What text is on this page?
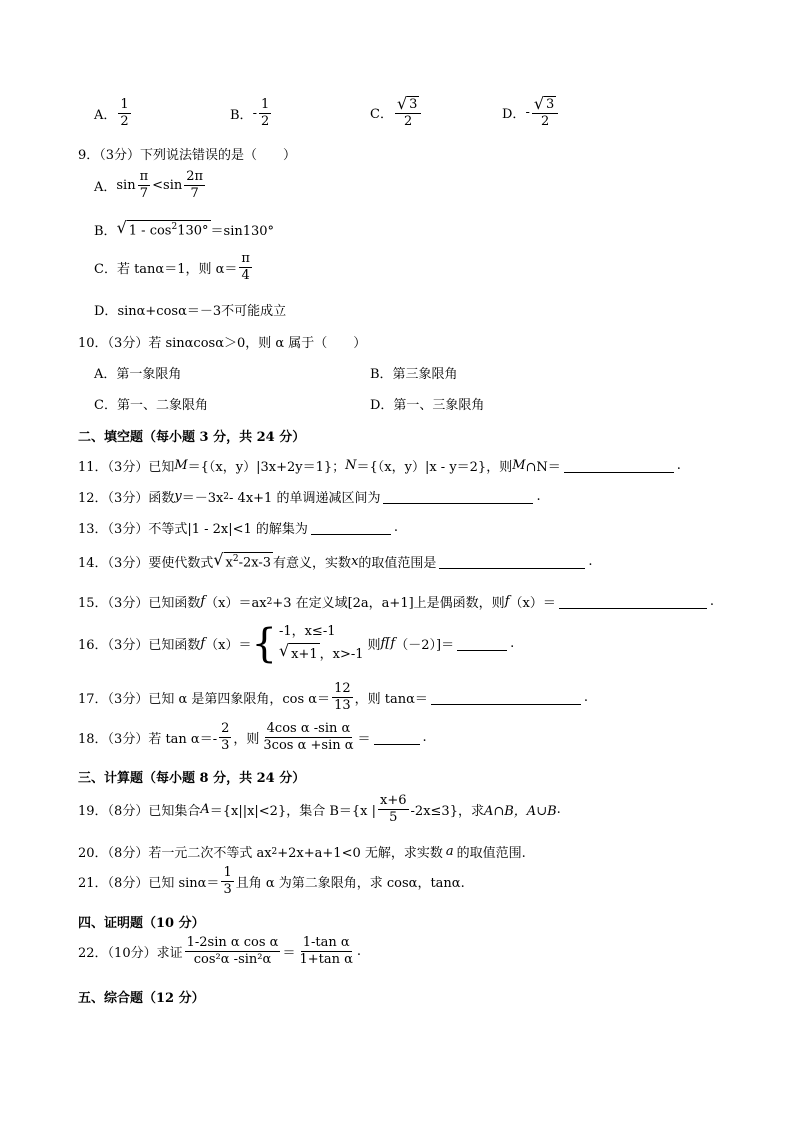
A． $\frac{1}{2}$	B． - $\frac{1}{2}$	C． $\frac{√ 3}{2}$	D． - $\frac{√ 3}{2}$
9．（3分）下列说法错误的是（　　）
A． $\sin \frac{\pi}{7} < \sin \frac{2\pi}{7}$
B． √ $1 - \cos^2130^\circ =\sin 130^\circ$
C． 若 tanα＝1，则 $\alpha= \frac{\pi}{4}$
D． sinα+cosα＝－3不可能成立
10．（3分）若 sinαcosα＞0，则 α 属于（　　）
A．第一象限角	B．第三象限角
C．第一、二象限角	D．第一、三象限角
二、填空题（每小题 3 分，共 24 分）
11．（3分）已知 M ＝{（x，y）|3x+2y＝1}； N ＝{（x，y）|x - y＝2}，则 M ∩N＝	.
12．（3分）函数 y ＝－3x 2 - 4x+1 的单调递减区间为	.
13．（3分）不等式|1 - 2x|<1 的解集为	.
14．（3分）要使代数式 √ $x^2-2x-3$ 有意义，实数 x 的取值范围是	.
15．（3分）已知函数 f （x）＝ax 2 +3 在定义域[2a，a+1]上是偶函数，则 f （x）＝	.
16．（3分）已知函数 f （x）＝ { -1，x≤-1
√ x+1 ，x>-1
则 f[f （－2）]＝	.
17．（3分）已知 α 是第四象限角， $\cos \alpha= \frac{12}{13}$ ，则 tanα＝	.
18．（3分）若 $\tan \alpha=- \frac{2}{3}$ ，则 $\frac{\text{4cos α -sin α}}{\text{3cos α +sin α}}$ ＝	.
三、计算题（每小题 8 分，共 24 分）
19．（8分）已知集合 A ＝{x||x|<2}，集合 B＝{x | $\frac{x+6}{5} -2x\le 3$}，求 A∩B，A∪B .
20．（8分）若一元二次不等式 ax 2 +2x+a+1<0 无解，求实数 a 的取值范围.
21．（8分）已知 $\sin\alpha= \frac{1}{3}$ 且角 α 为第二象限角，求 cosα，tanα.
四、证明题（10 分）
22．（10分）求证 $\frac{\text{1-2sin α cos α}}{\text{cos²α -sin²α}} = \frac{\text{1-tan α}}{\text{1+tan α}}$ .
五、综合题（12 分）
